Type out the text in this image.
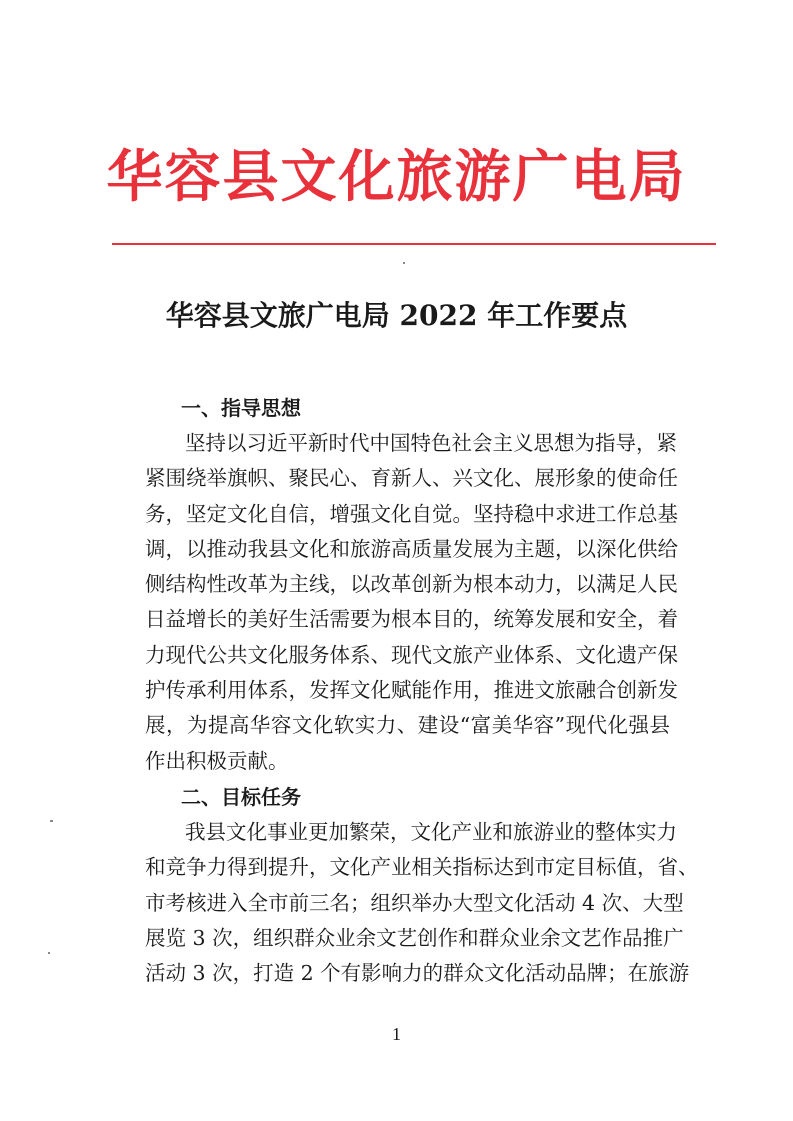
华容县文化旅游广电局
华容县文旅广电局 2022 年工作要点
一、指导思想
坚持以习近平新时代中国特色社会主义思想为指导，紧
紧围绕举旗帜、聚民心、育新人、兴文化、展形象的使命任
务，坚定文化自信，增强文化自觉。坚持稳中求进工作总基
调，以推动我县文化和旅游高质量发展为主题，以深化供给
侧结构性改革为主线，以改革创新为根本动力，以满足人民
日益增长的美好生活需要为根本目的，统筹发展和安全，着
力现代公共文化服务体系、现代文旅产业体系、文化遗产保
护传承利用体系，发挥文化赋能作用，推进文旅融合创新发
展，为提高华容文化软实力、建设“富美华容”现代化强县
作出积极贡献。
二、目标任务
我县文化事业更加繁荣，文化产业和旅游业的整体实力
和竞争力得到提升，文化产业相关指标达到市定目标值，省、
市考核进入全市前三名；组织举办大型文化活动 4 次、大型
展览 3 次，组织群众业余文艺创作和群众业余文艺作品推广
活动 3 次，打造 2 个有影响力的群众文化活动品牌；在旅游
1
